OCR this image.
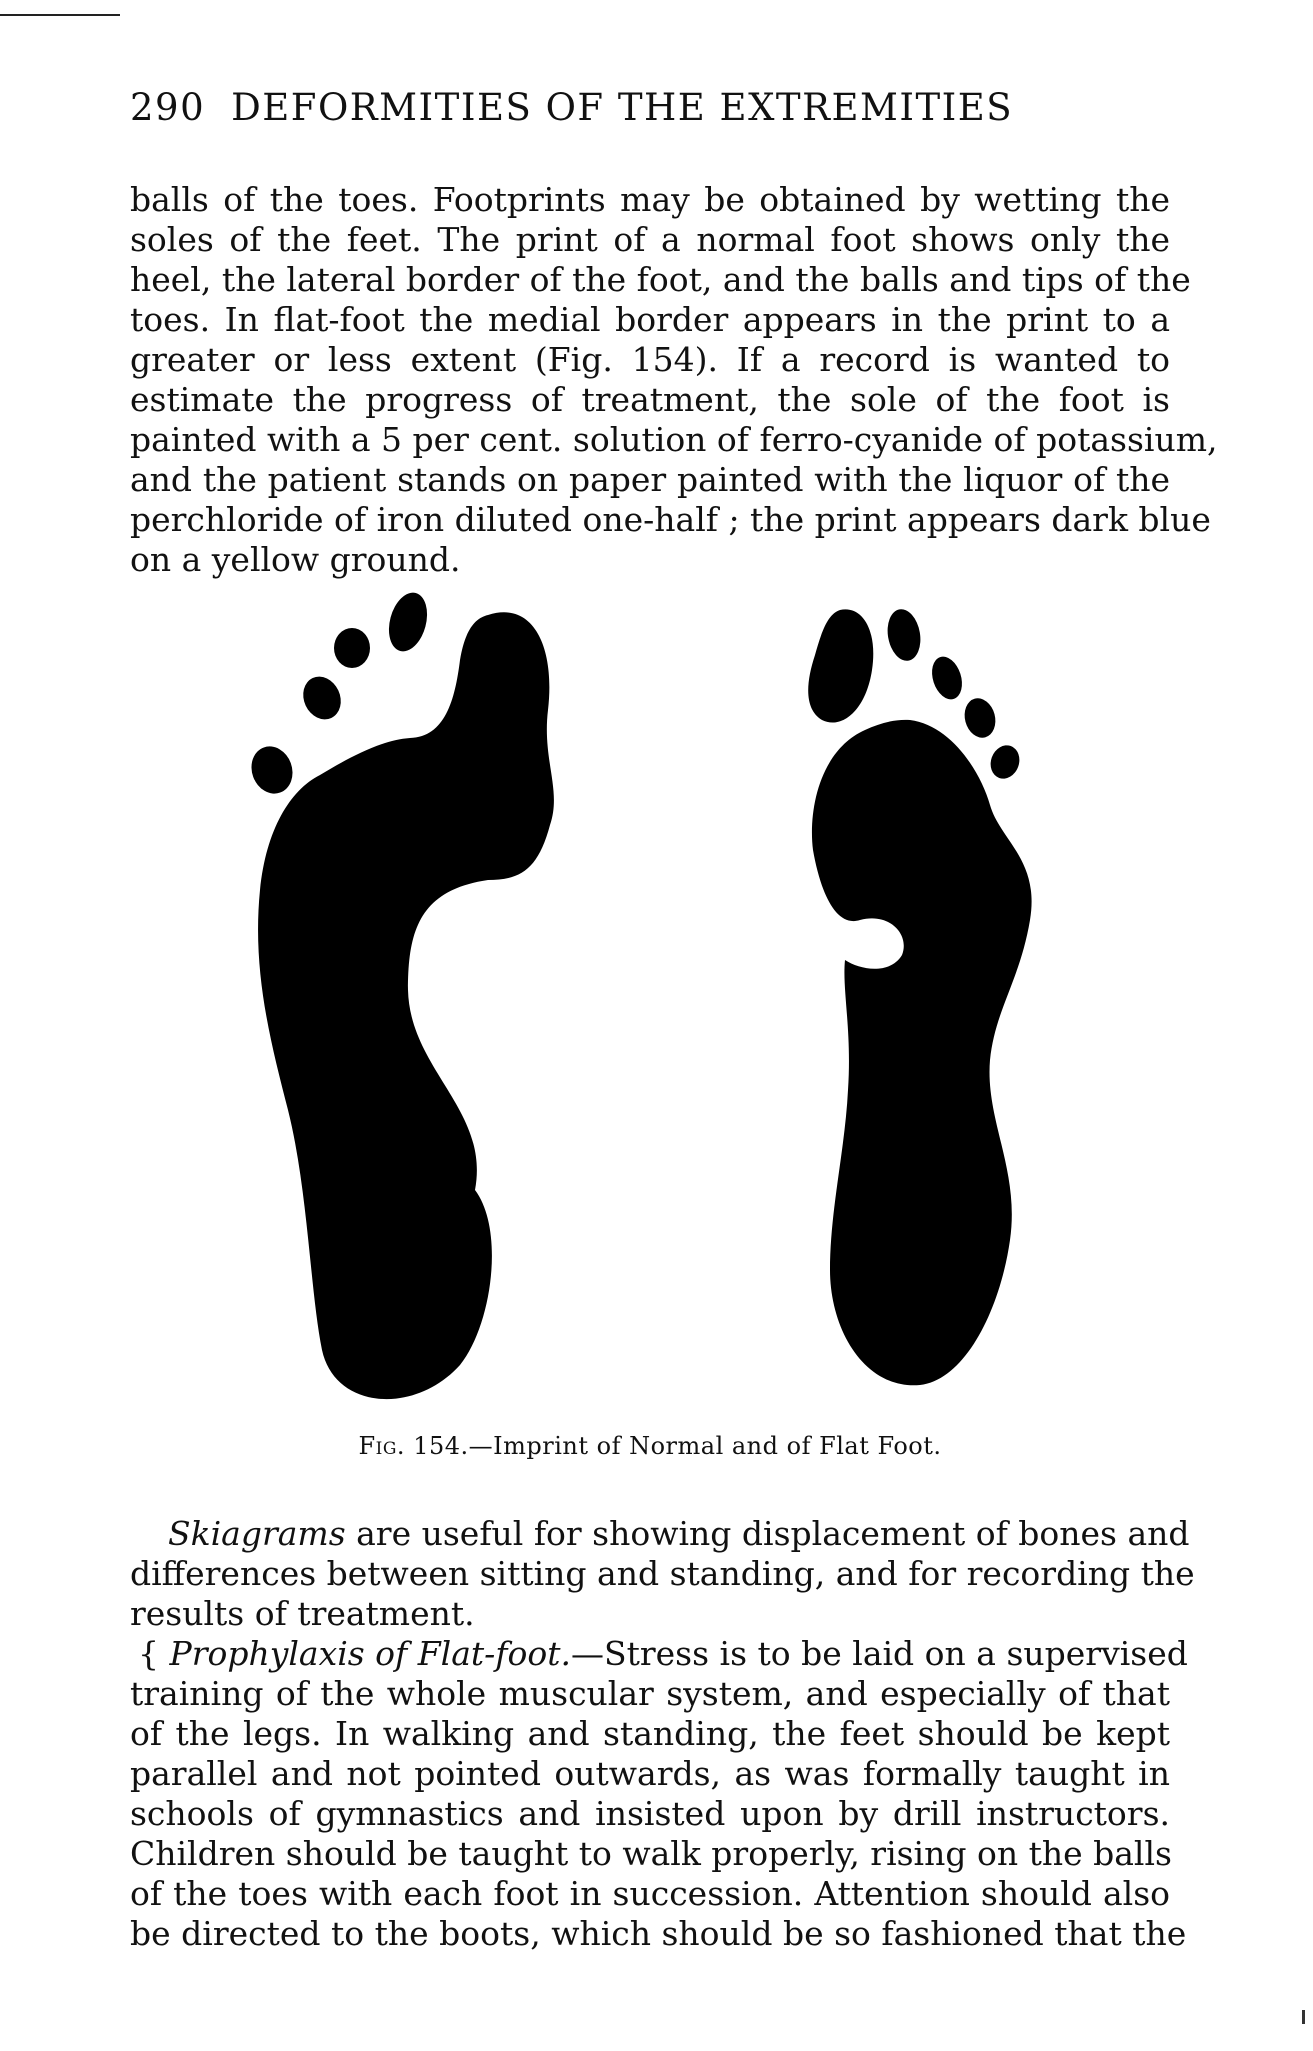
290 DEFORMITIES OF THE EXTREMITIES
balls of the toes. Footprints may be obtained by wetting the
soles of the feet. The print of a normal foot shows only the
heel, the lateral border of the foot, and the balls and tips of the
toes. In flat-foot the medial border appears in the print to a
greater or less extent (Fig. 154). If a record is wanted to
estimate the progress of treatment, the sole of the foot is
painted with a 5 per cent. solution of ferro-cyanide of potassium,
and the patient stands on paper painted with the liquor of the
perchloride of iron diluted one-half ; the print appears dark blue
on a yellow ground.
Fig. 154.—Imprint of Normal and of Flat Foot.
Skiagrams are useful for showing displacement of bones and
differences between sitting and standing, and for recording the
results of treatment.
{ Prophylaxis of Flat-foot.—Stress is to be laid on a supervised
training of the whole muscular system, and especially of that
of the legs. In walking and standing, the feet should be kept
parallel and not pointed outwards, as was formally taught in
schools of gymnastics and insisted upon by drill instructors.
Children should be taught to walk properly, rising on the balls
of the toes with each foot in succession. Attention should also
be directed to the boots, which should be so fashioned that the
